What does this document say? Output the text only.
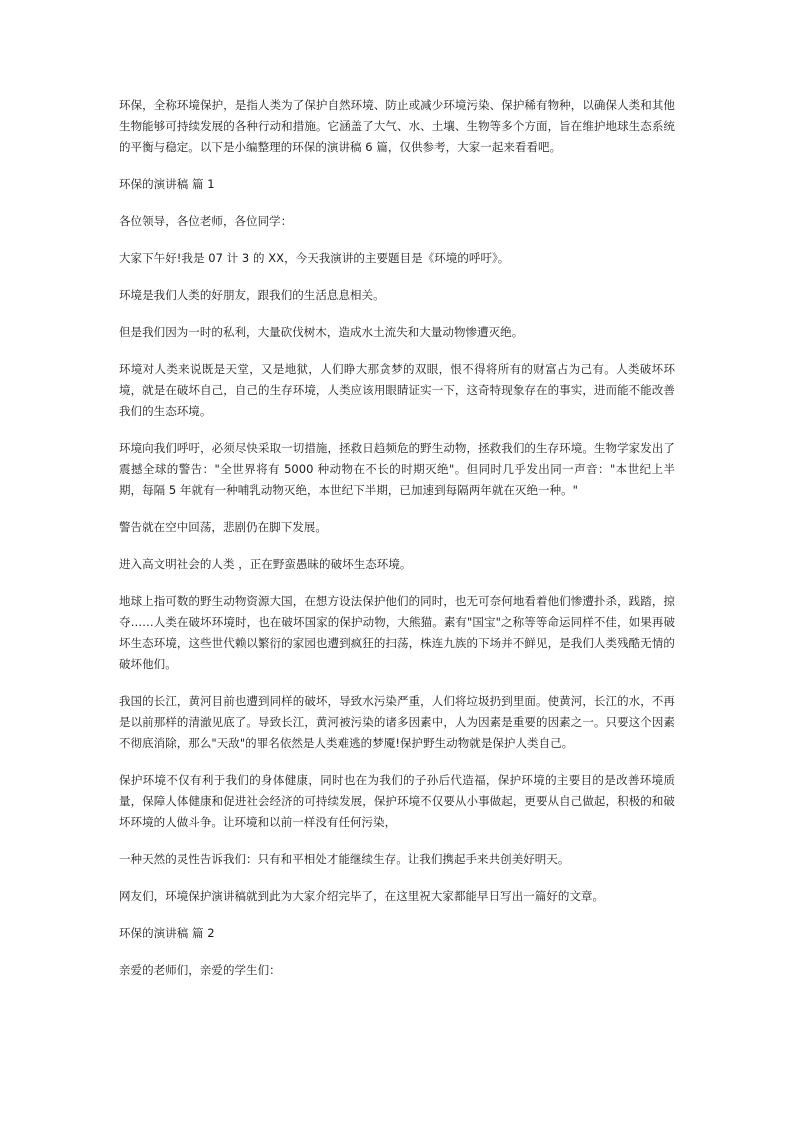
环保，全称环境保护，是指人类为了保护自然环境、防止或减少环境污染、保护稀有物种，以确保人类和其他生物能够可持续发展的各种行动和措施。它涵盖了大气、水、土壤、生物等多个方面，旨在维护地球生态系统的平衡与稳定。以下是小编整理的环保的演讲稿 6 篇，仅供参考，大家一起来看看吧。

环保的演讲稿 篇 1

各位领导，各位老师，各位同学：

大家下午好!我是 07 计 3 的 XX，今天我演讲的主要题目是《环境的呼吁》。

环境是我们人类的好朋友，跟我们的生活息息相关。

但是我们因为一时的私利，大量砍伐树木，造成水土流失和大量动物惨遭灭绝。

环境对人类来说既是天堂，又是地狱，人们睁大那贪梦的双眼，恨不得将所有的财富占为己有。人类破坏环境，就是在破坏自己，自己的生存环境，人类应该用眼睛证实一下，这奇特现象存在的事实，进而能不能改善我们的生态环境。

环境向我们呼吁，必须尽快采取一切措施，拯救日趋频危的野生动物，拯救我们的生存环境。生物学家发出了震撼全球的警告："全世界将有 5000 种动物在不长的时期灭绝"。但同时几乎发出同一声音："本世纪上半期，每隔 5 年就有一种哺乳动物灭绝，本世纪下半期，已加速到每隔两年就在灭绝一种。"

警告就在空中回荡，悲剧仍在脚下发展。

进入高文明社会的人类 ，正在野蛮愚昧的破坏生态环境。

地球上指可数的野生动物资源大国，在想方设法保护他们的同时，也无可奈何地看着他们惨遭扑杀，践踏，掠夺……人类在破坏环境时，也在破坏国家的保护动物，大熊猫。素有"国宝"之称等等命运同样不佳，如果再破坏生态环境，这些世代赖以繁衍的家园也遭到疯狂的扫荡，株连九族的下场并不鲜见，是我们人类残酷无情的破坏他们。

我国的长江，黄河目前也遭到同样的破坏，导致水污染严重，人们将垃圾扔到里面。使黄河，长江的水，不再是以前那样的清澈见底了。导致长江，黄河被污染的诸多因素中，人为因素是重要的因素之一。只要这个因素不彻底消除，那么"天敌"的罪名依然是人类难逃的梦魇!保护野生动物就是保护人类自己。

保护环境不仅有利于我们的身体健康，同时也在为我们的子孙后代造福，保护环境的主要目的是改善环境质量，保障人体健康和促进社会经济的可持续发展，保护环境不仅要从小事做起，更要从自己做起，积极的和破坏环境的人做斗争。让环境和以前一样没有任何污染，

一种天然的灵性告诉我们：只有和平相处才能继续生存。让我们携起手来共创美好明天。

网友们，环境保护演讲稿就到此为大家介绍完毕了，在这里祝大家都能早日写出一篇好的文章。

环保的演讲稿 篇 2

亲爱的老师们，亲爱的学生们：
